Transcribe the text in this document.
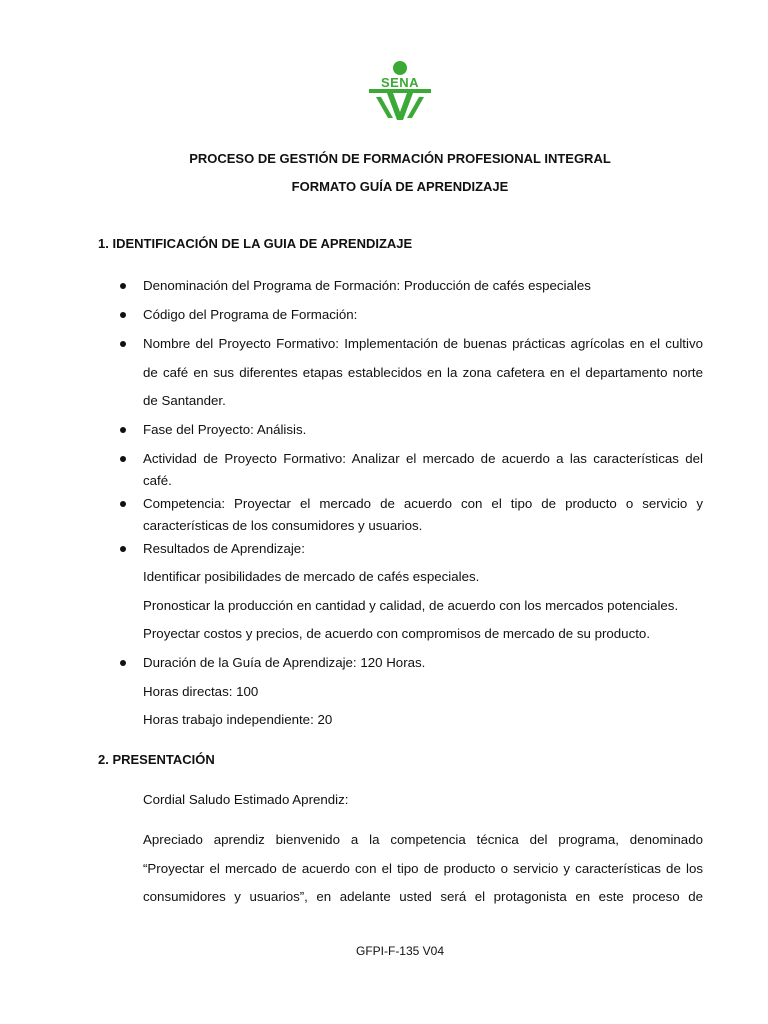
SENA
PROCESO DE GESTIÓN DE FORMACIÓN PROFESIONAL INTEGRAL
FORMATO GUÍA DE APRENDIZAJE
1. IDENTIFICACIÓN DE LA GUIA DE APRENDIZAJE
Denominación del Programa de Formación: Producción de cafés especiales
Código del Programa de Formación:
Nombre del Proyecto Formativo: Implementación de buenas prácticas agrícolas en el cultivo
de café en sus diferentes etapas establecidos en la zona cafetera en el departamento norte
de Santander.
Fase del Proyecto: Análisis.
Actividad de Proyecto Formativo: Analizar el mercado de acuerdo a las características del
café.
Competencia: Proyectar el mercado de acuerdo con el tipo de producto o servicio y
características de los consumidores y usuarios.
Resultados de Aprendizaje:
Identificar posibilidades de mercado de cafés especiales.
Pronosticar la producción en cantidad y calidad, de acuerdo con los mercados potenciales.
Proyectar costos y precios, de acuerdo con compromisos de mercado de su producto.
Duración de la Guía de Aprendizaje: 120 Horas.
Horas directas: 100
Horas trabajo independiente: 20
2. PRESENTACIÓN
Cordial Saludo Estimado Aprendiz:
Apreciado aprendiz bienvenido a la competencia técnica del programa, denominado
“Proyectar el mercado de acuerdo con el tipo de producto o servicio y características de los
consumidores y usuarios”, en adelante usted será el protagonista en este proceso de
GFPI-F-135 V04
